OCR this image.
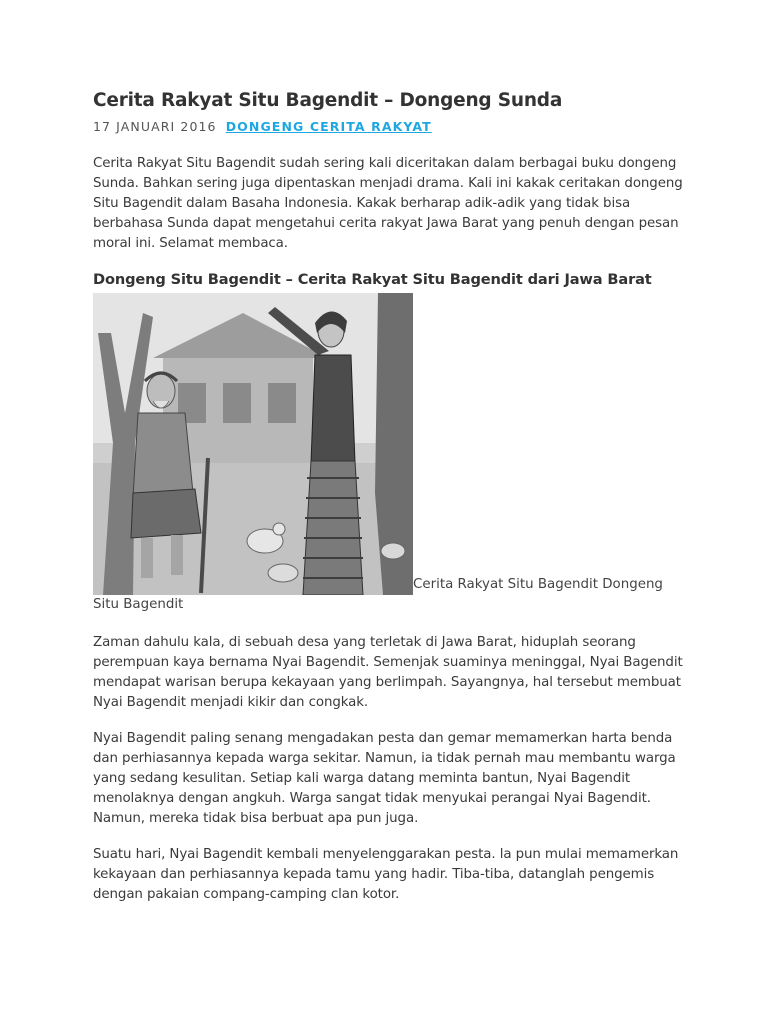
Cerita Rakyat Situ Bagendit – Dongeng Sunda
17 JANUARI 2016 DONGENG CERITA RAKYAT

Cerita Rakyat Situ Bagendit sudah sering kali diceritakan dalam berbagai buku dongeng Sunda. Bahkan sering juga dipentaskan menjadi drama. Kali ini kakak ceritakan dongeng Situ Bagendit dalam Basaha Indonesia. Kakak berharap adik-adik yang tidak bisa berbahasa Sunda dapat mengetahui cerita rakyat Jawa Barat yang penuh dengan pesan moral ini. Selamat membaca.

Dongeng Situ Bagendit – Cerita Rakyat Situ Bagendit dari Jawa Barat
Cerita Rakyat Situ Bagendit Dongeng Situ Bagendit

Zaman dahulu kala, di sebuah desa yang terletak di Jawa Barat, hiduplah seorang perempuan kaya bernama Nyai Bagendit. Semenjak suaminya meninggal, Nyai Bagendit mendapat warisan berupa kekayaan yang berlimpah. Sayangnya, hal tersebut membuat Nyai Bagendit menjadi kikir dan congkak.

Nyai Bagendit paling senang mengadakan pesta dan gemar memamerkan harta benda dan perhiasannya kepada warga sekitar. Namun, ia tidak pernah mau membantu warga yang sedang kesulitan. Setiap kali warga datang meminta bantun, Nyai Bagendit menolaknya dengan angkuh. Warga sangat tidak menyukai perangai Nyai Bagendit. Namun, mereka tidak bisa berbuat apa pun juga.

Suatu hari, Nyai Bagendit kembali menyelenggarakan pesta. la pun mulai memamerkan kekayaan dan perhiasannya kepada tamu yang hadir. Tiba-tiba, datanglah pengemis dengan pakaian compang-camping clan kotor.
